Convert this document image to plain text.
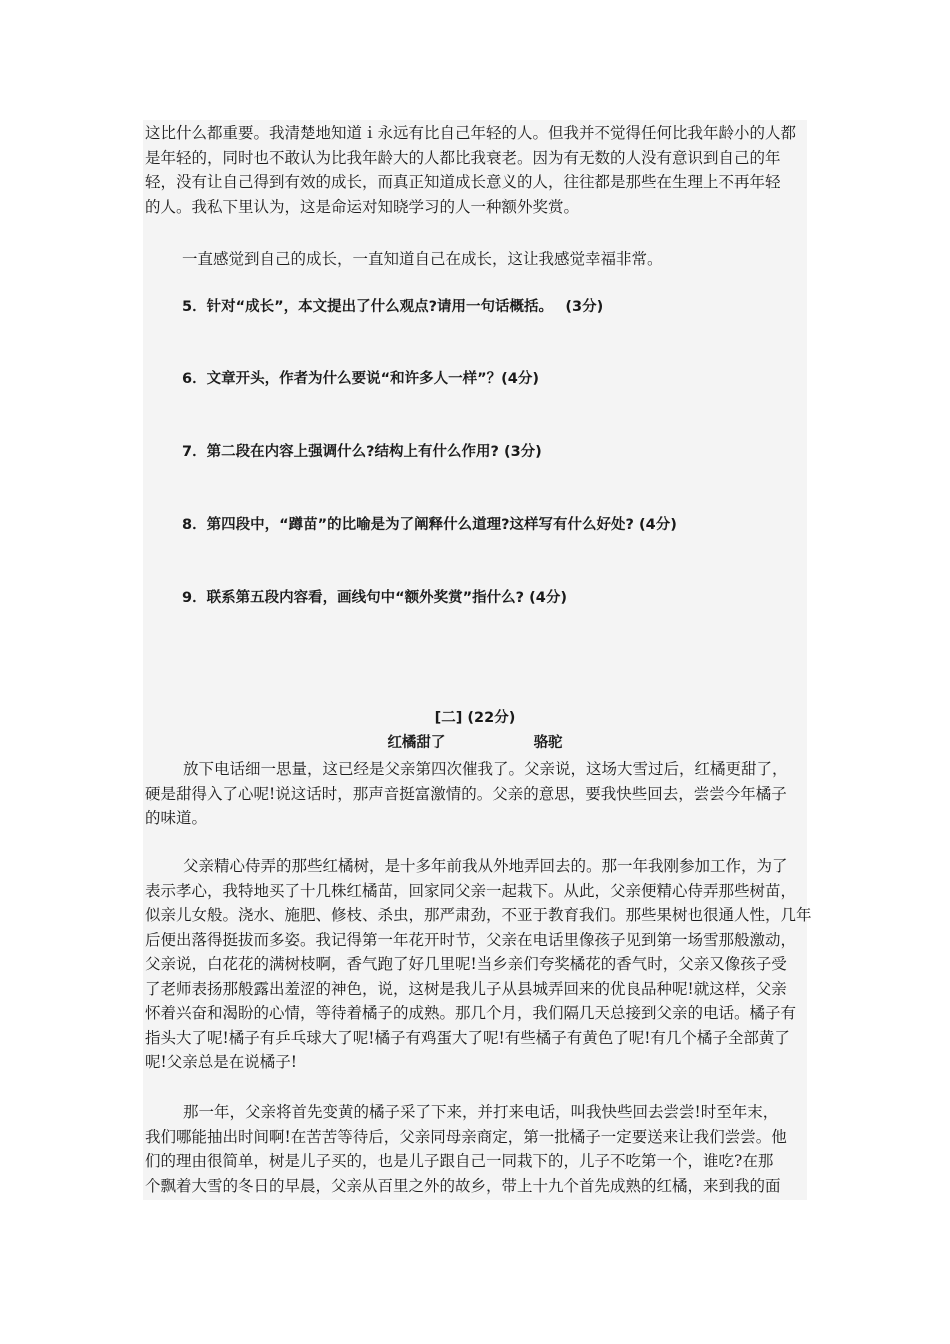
这比什么都重要。我清楚地知道ｉ永远有比自己年轻的人。但我并不觉得任何比我年龄小的人都
是年轻的，同时也不敢认为比我年龄大的人都比我衰老。因为有无数的人没有意识到自己的年
轻，没有让自己得到有效的成长，而真正知道成长意义的人，往往都是那些在生理上不再年轻
的人。我私下里认为，这是命运对知晓学习的人一种额外奖赏。
一直感觉到自己的成长，一直知道自己在成长，这让我感觉幸福非常。
5．针对“成长”，本文提出了什么观点?请用一句话概括。　 (3分)
6．文章开头，作者为什么要说“和许多人一样”？(4分)
7．第二段在内容上强调什么?结构上有什么作用? (3分)
8．第四段中，“蹲苗”的比喻是为了阐释什么道理?这样写有什么好处? (4分)
9．联系第五段内容看，画线句中“额外奖赏”指什么? (4分)
[二] (22分)
红橘甜了	骆驼
放下电话细一思量，这已经是父亲第四次催我了。父亲说，这场大雪过后，红橘更甜了，
硬是甜得入了心呢!说这话时，那声音挺富激情的。父亲的意思，要我快些回去，尝尝今年橘子
的味道。
父亲精心侍弄的那些红橘树，是十多年前我从外地弄回去的。那一年我刚参加工作，为了
表示孝心，我特地买了十几株红橘苗，回家同父亲一起栽下。从此，父亲便精心侍弄那些树苗，
似亲儿女般。浇水、施肥、修枝、杀虫，那严肃劲，不亚于教育我们。那些果树也很通人性，几年
后便出落得挺拔而多姿。我记得第一年花开时节，父亲在电话里像孩子见到第一场雪那般激动，
父亲说，白花花的满树枝啊，香气跑了好几里呢!当乡亲们夸奖橘花的香气时，父亲又像孩子受
了老师表扬那般露出羞涩的神色，说，这树是我儿子从县城弄回来的优良品种呢!就这样，父亲
怀着兴奋和渴盼的心情，等待着橘子的成熟。那几个月，我们隔几天总接到父亲的电话。橘子有
指头大了呢!橘子有乒乓球大了呢!橘子有鸡蛋大了呢!有些橘子有黄色了呢!有几个橘子全部黄了
呢!父亲总是在说橘子!
那一年，父亲将首先变黄的橘子采了下来，并打来电话，叫我快些回去尝尝!时至年末，
我们哪能抽出时间啊!在苦苦等待后，父亲同母亲商定，第一批橘子一定要送来让我们尝尝。他
们的理由很简单，树是儿子买的，也是儿子跟自己一同栽下的，儿子不吃第一个，谁吃?在那
个飘着大雪的冬日的早晨，父亲从百里之外的故乡，带上十九个首先成熟的红橘，来到我的面
